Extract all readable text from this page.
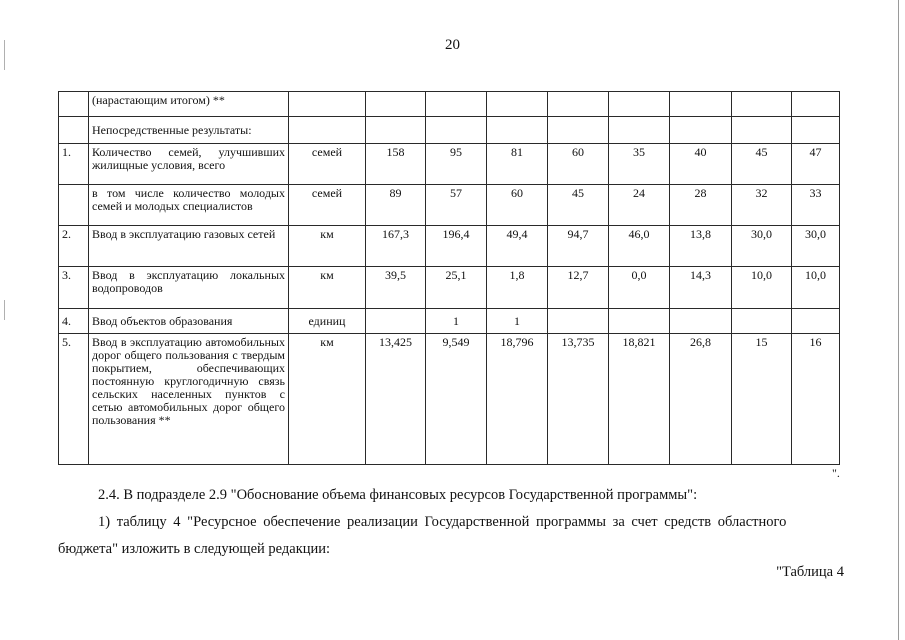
20
	(нарастающим итогом) **									
	Непосредственные результаты:									
1.	Количество семей, улучшивших жилищные условия, всего	семей	158	95	81	60	35	40	45	47
	в том числе количество молодых семей и молодых специалистов	семей	89	57	60	45	24	28	32	33
2.	Ввод в эксплуатацию газовых сетей	км	167,3	196,4	49,4	94,7	46,0	13,8	30,0	30,0
3.	Ввод в эксплуатацию локальных водопроводов	км	39,5	25,1	1,8	12,7	0,0	14,3	10,0	10,0
4.	Ввод объектов образования	единиц		1	1					
5.	Ввод в эксплуатацию автомобильных дорог общего пользования с твердым покрытием, обеспечивающих постоянную круглогодичную связь сельских населенных пунктов с сетью автомобильных дорог общего пользования **	км	13,425	9,549	18,796	13,735	18,821	26,8	15	16
".
2.4. В подразделе 2.9 "Обоснование объема финансовых ресурсов Государственной программы":
1) таблицу 4 "Ресурсное обеспечение реализации Государственной программы за счет средств областного
бюджета" изложить в следующей редакции:
"Таблица 4
